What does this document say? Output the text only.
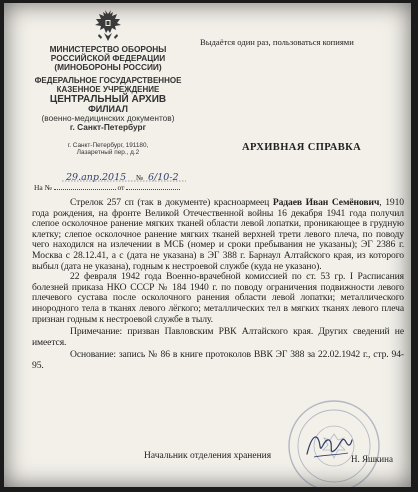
МИНИСТЕРСТВО ОБОРОНЫ
РОССИЙСКОЙ ФЕДЕРАЦИИ
(МИНОБОРОНЫ РОССИИ)
ФЕДЕРАЛЬНОЕ ГОСУДАРСТВЕННОЕ
КАЗЕННОЕ УЧРЕЖДЕНИЕ
ЦЕНТРАЛЬНЫЙ АРХИВ
ФИЛИАЛ
(военно-медицинских документов)
г. Санкт-Петербург
г. Санкт-Петербург, 191180,
Лазаретный пер., д.2
Выдаётся один раз, пользоваться копиями
29.апр.2015 № 6/10-2
На №	от
АРХИВНАЯ СПРАВКА

Стрелок 257 сп (так в документе) красноармеец Радаев Иван Семёнович, 1910 года рождения, на фронте Великой Отечественной войны 16 декабря 1941 года получил слепое осколочное ранение мягких тканей области левой лопатки, проникающее в грудную клетку; слепое осколочное ранение мягких тканей верхней трети левого плеча, по поводу чего находился на излечении в МСБ (номер и сроки пребывания не указаны); ЭГ 2386 г. Москва с 28.12.41, а с (дата не указана) в ЭГ 388 г. Барнаул Алтайского края, из которого выбыл (дата не указана), годным к нестроевой службе (куда не указано).

22 февраля 1942 года Военно-врачебной комиссией по ст. 53 гр. I Расписания болезней приказа НКО СССР № 184 1940 г. по поводу ограничения подвижности левого плечевого сустава после осколочного ранения области левой лопатки; металлического инородного тела в тканях левого лёгкого; металлических тел в мягких тканях левого плеча признан годным к нестроевой службе в тылу.

Примечание: призван Павловским РВК Алтайского края. Других сведений не имеется.

Основание: запись № 86 в книге протоколов ВВК ЭГ 388 за 22.02.1942 г., стр. 94-95.

Начальник отделения хранения	Н. Яшкина
